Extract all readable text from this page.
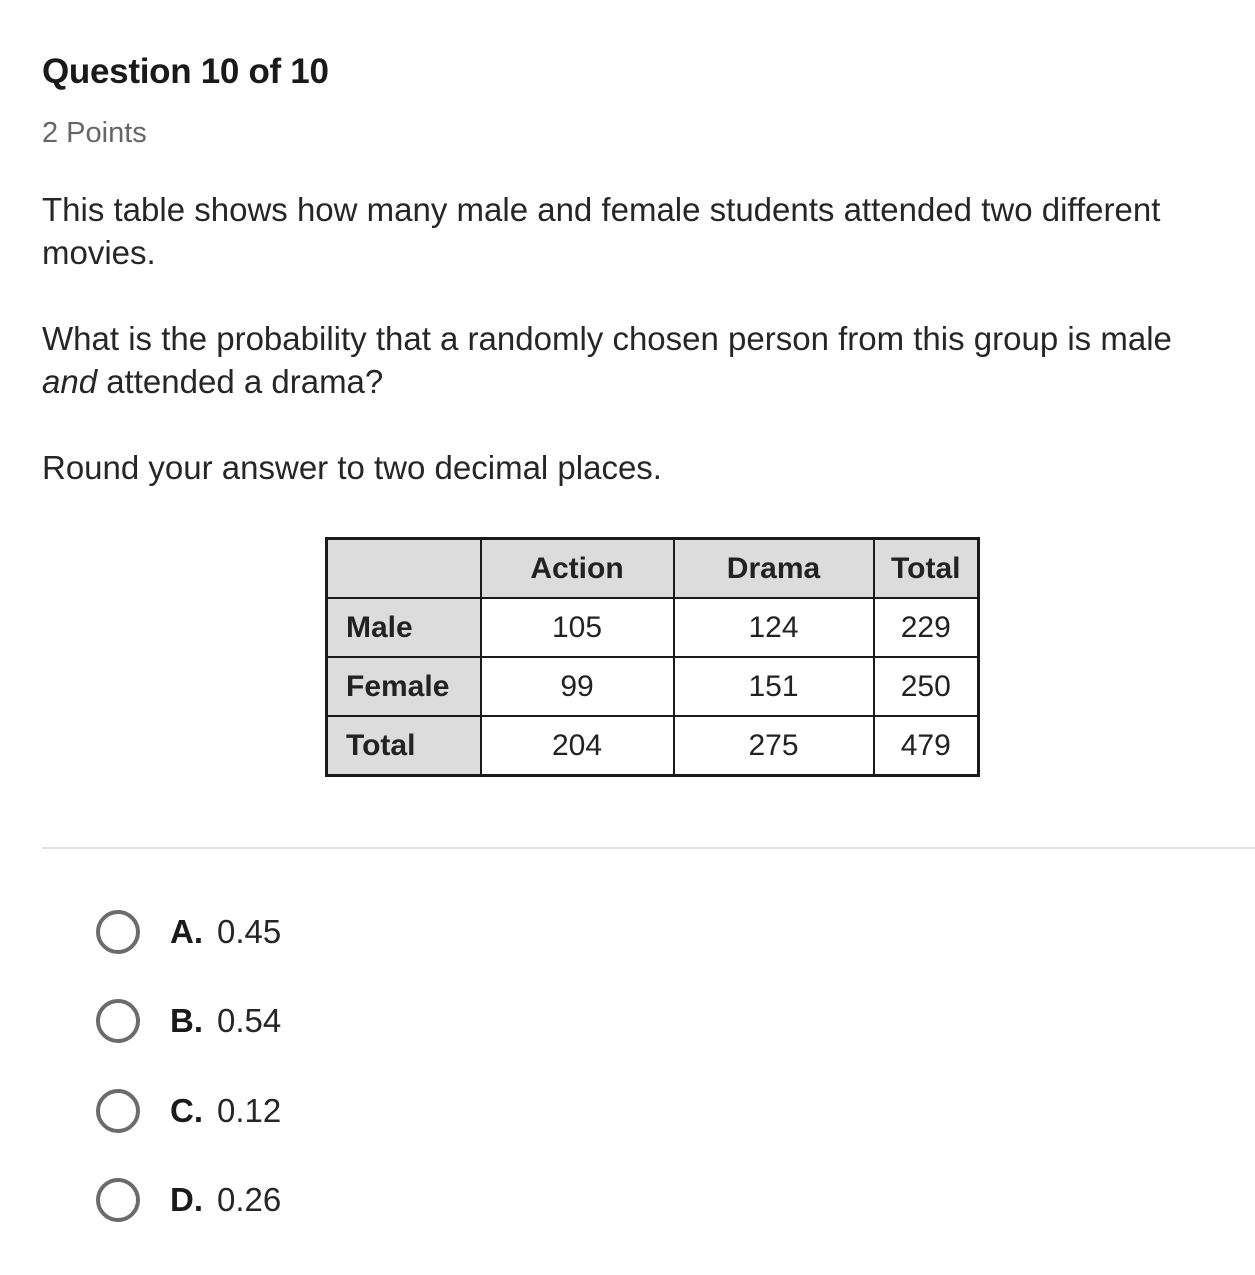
Question 10 of 10
2 Points

This table shows how many male and female students attended two different movies.

What is the probability that a randomly chosen person from this group is male and attended a drama?

Round your answer to two decimal places.

	Action	Drama	Total
Male	105	124	229
Female	99	151	250
Total	204	275	479
A. 0.45
B. 0.54
C. 0.12
D. 0.26
